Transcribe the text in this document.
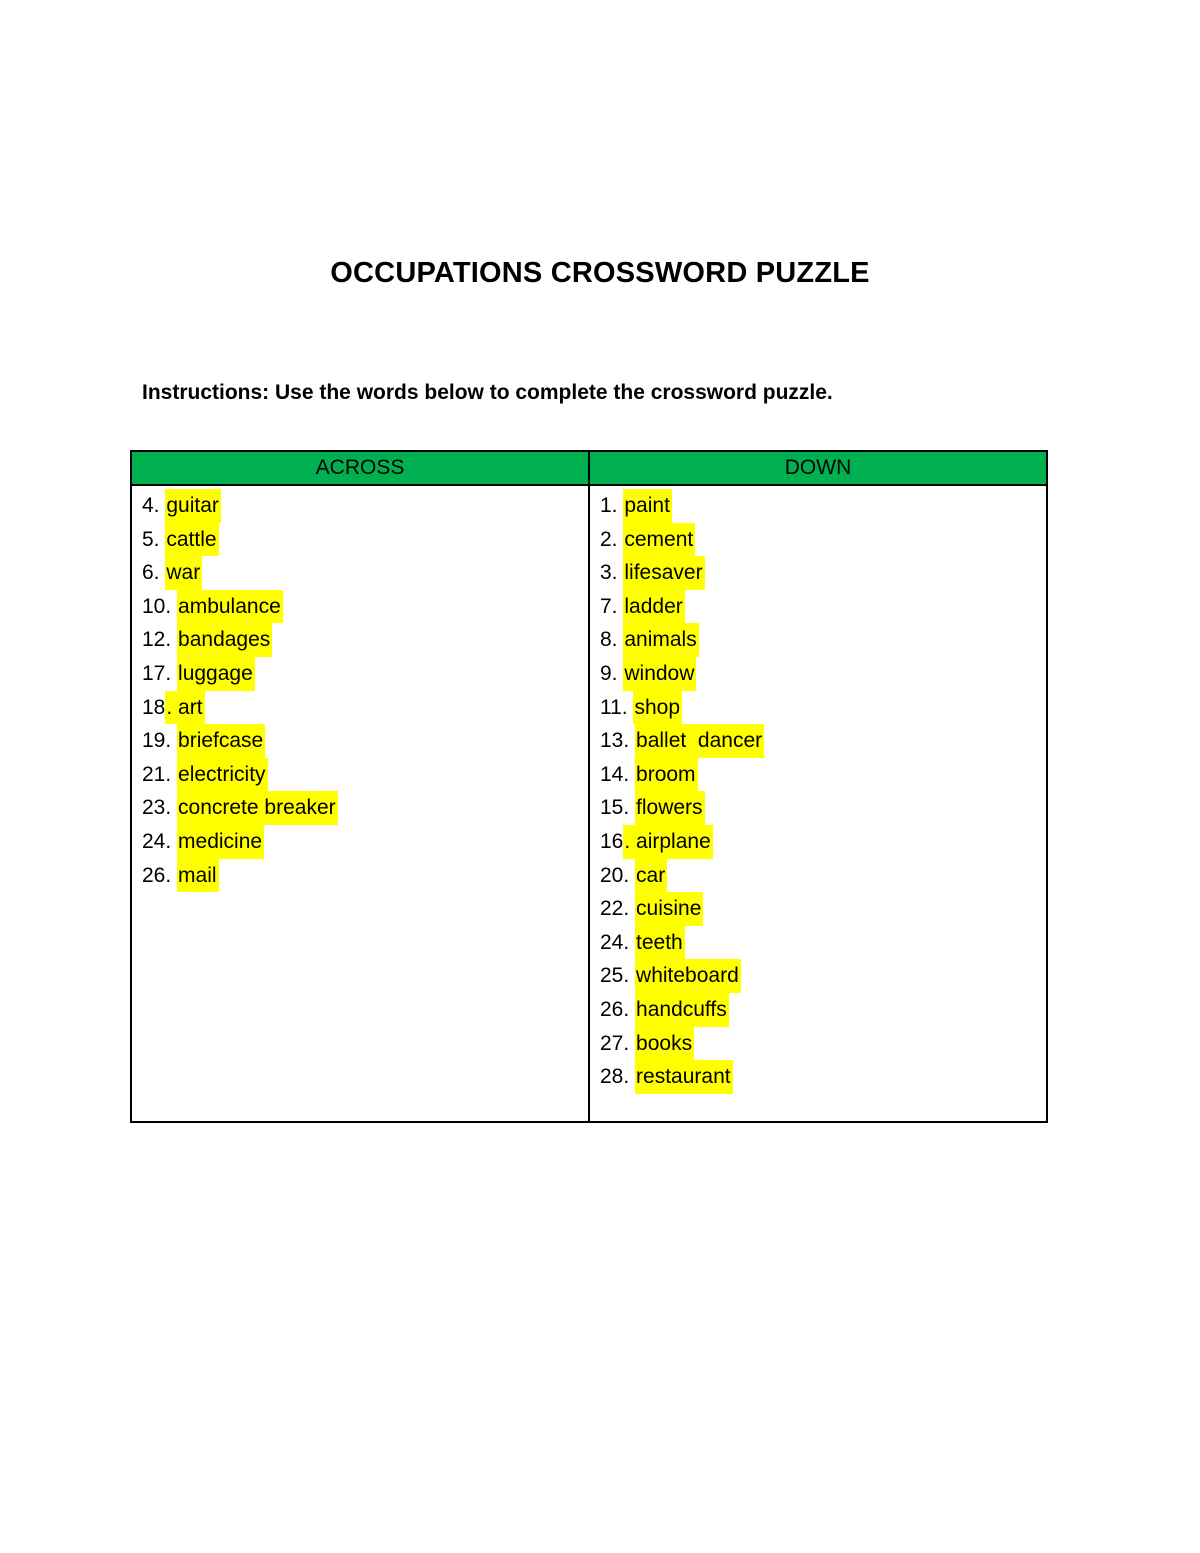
OCCUPATIONS CROSSWORD PUZZLE

Instructions: Use the words below to complete the crossword puzzle.

ACROSS
4. guitar
5. cattle
6. war
10. ambulance
12. bandages
17. luggage
18. art
19. briefcase
21. electricity
23. concrete breaker
24. medicine
26. mail
DOWN
1. paint
2. cement
3. lifesaver
7. ladder
8. animals
9. window
11. shop
13. ballet  dancer
14. broom
15. flowers
16. airplane
20. car
22. cuisine
24. teeth
25. whiteboard
26. handcuffs
27. books
28. restaurant
